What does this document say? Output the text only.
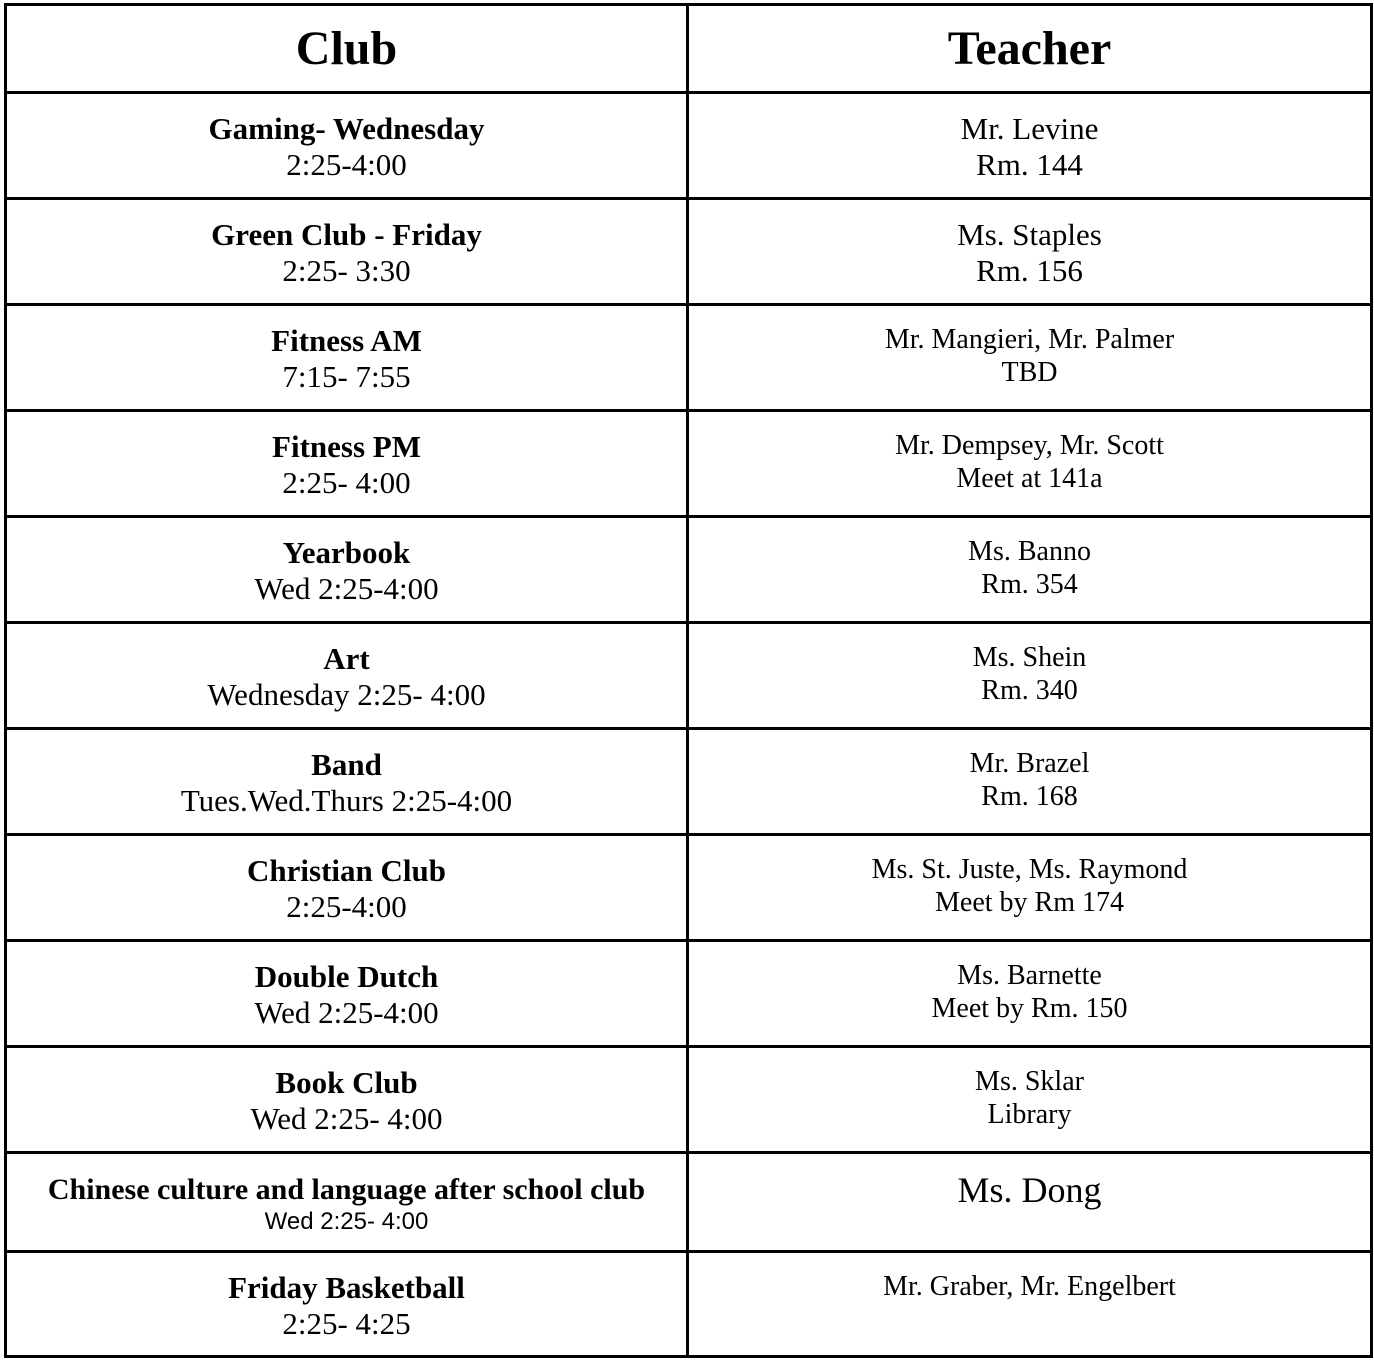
Club	Teacher

Gaming- Wednesday
2:25-4:00	Mr. Levine
Rm. 144

Green Club - Friday
2:25- 3:30	Ms. Staples
Rm. 156

Fitness AM
7:15- 7:55	Mr. Mangieri, Mr. Palmer
TBD

Fitness PM
2:25- 4:00	Mr. Dempsey, Mr. Scott
Meet at 141a

Yearbook
Wed 2:25-4:00	Ms. Banno
Rm. 354

Art
Wednesday 2:25- 4:00	Ms. Shein
Rm. 340

Band
Tues.Wed.Thurs 2:25-4:00	Mr. Brazel
Rm. 168

Christian Club
2:25-4:00	Ms. St. Juste, Ms. Raymond
Meet by Rm 174

Double Dutch
Wed 2:25-4:00	Ms. Barnette
Meet by Rm. 150

Book Club
Wed 2:25- 4:00	Ms. Sklar
Library

Chinese culture and language after school club
Wed 2:25- 4:00	Ms. Dong

Friday Basketball
2:25- 4:25	Mr. Graber, Mr. Engelbert
